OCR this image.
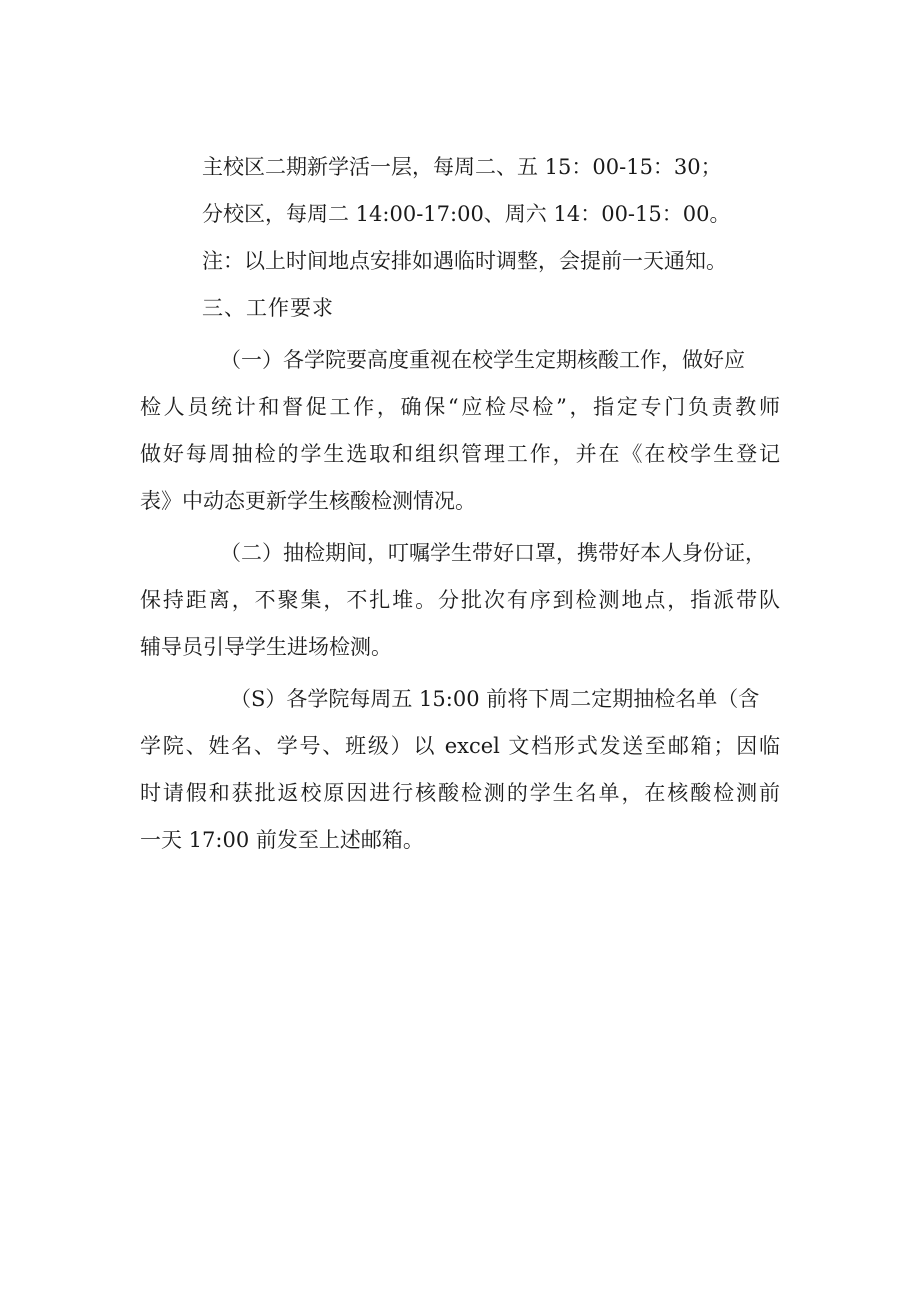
主校区二期新学活一层，每周二、五 15：00-15：30；
分校区，每周二 14:00-17:00、周六 14：00-15：00。
注：以上时间地点安排如遇临时调整，会提前一天通知。
三、工作要求
（一）各学院要高度重视在校学生定期核酸工作，做好应
检人员统计和督促工作，确保“应检尽检”，指定专门负责教师
做好每周抽检的学生选取和组织管理工作，并在《在校学生登记
表》中动态更新学生核酸检测情况。
（二）抽检期间，叮嘱学生带好口罩，携带好本人身份证，
保持距离，不聚集，不扎堆。分批次有序到检测地点，指派带队
辅导员引导学生进场检测。
（S）各学院每周五 15:00 前将下周二定期抽检名单（含
学院、姓名、学号、班级）以 excel 文档形式发送至邮箱；因临
时请假和获批返校原因进行核酸检测的学生名单，在核酸检测前
一天 17:00 前发至上述邮箱。
